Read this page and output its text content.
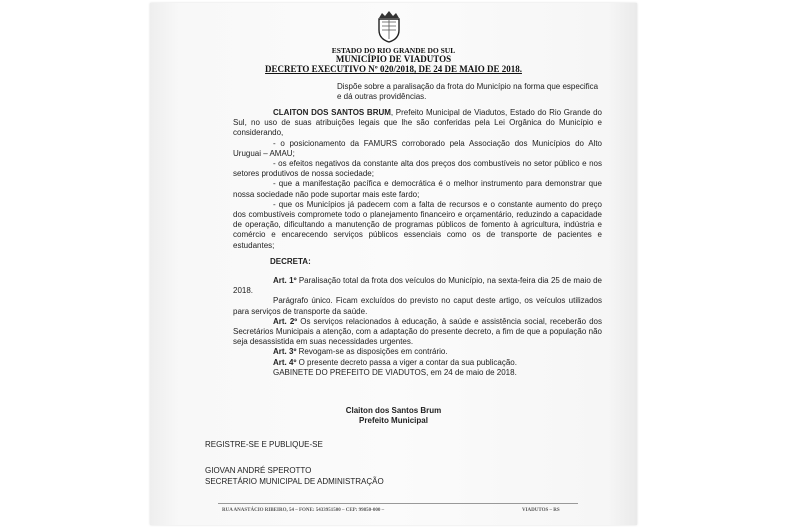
ESTADO DO RIO GRANDE DO SUL
MUNICÍPIO DE VIADUTOS
DECRETO EXECUTIVO Nº 020/2018, DE 24 DE MAIO DE 2018.
Dispõe sobre a paralisação da frota do Município na forma que especifica e dá outras providências.

CLAITON DOS SANTOS BRUM, Prefeito Municipal de Viadutos, Estado do Rio Grande do Sul, no uso de suas atribuições legais que lhe são conferidas pela Lei Orgânica do Município e considerando,

- o posicionamento da FAMURS corroborado pela Associação dos Municípios do Alto Uruguai – AMAU;

- os efeitos negativos da constante alta dos preços dos combustíveis no setor público e nos setores produtivos de nossa sociedade;

- que a manifestação pacífica e democrática é o melhor instrumento para demonstrar que nossa sociedade não pode suportar mais este fardo;

- que os Municípios já padecem com a falta de recursos e o constante aumento do preço dos combustíveis compromete todo o planejamento financeiro e orçamentário, reduzindo a capacidade de operação, dificultando a manutenção de programas públicos de fomento à agricultura, indústria e comércio e encarecendo serviços públicos essenciais como os de transporte de pacientes e estudantes;

DECRETA:

Art. 1º Paralisação total da frota dos veículos do Município, na sexta-feira dia 25 de maio de 2018.

Parágrafo único. Ficam excluídos do previsto no caput deste artigo, os veículos utilizados para serviços de transporte da saúde.

Art. 2º Os serviços relacionados à educação, à saúde e assistência social, receberão dos Secretários Municipais a atenção, com a adaptação do presente decreto, a fim de que a população não seja desassistida em suas necessidades urgentes.

Art. 3º Revogam-se as disposições em contrário.

Art. 4º O presente decreto passa a viger a contar da sua publicação.

GABINETE DO PREFEITO DE VIADUTOS, em 24 de maio de 2018.

Claiton dos Santos Brum
Prefeito Municipal
REGISTRE-SE E PUBLIQUE-SE
GIOVAN ANDRÉ SPEROTTO
SECRETÁRIO MUNICIPAL DE ADMINISTRAÇÃO
RUA ANASTÁCIO RIBEIRO, 54 – FONE: 5433951500 – CEP: 99850-000 –	VIADUTOS – RS
